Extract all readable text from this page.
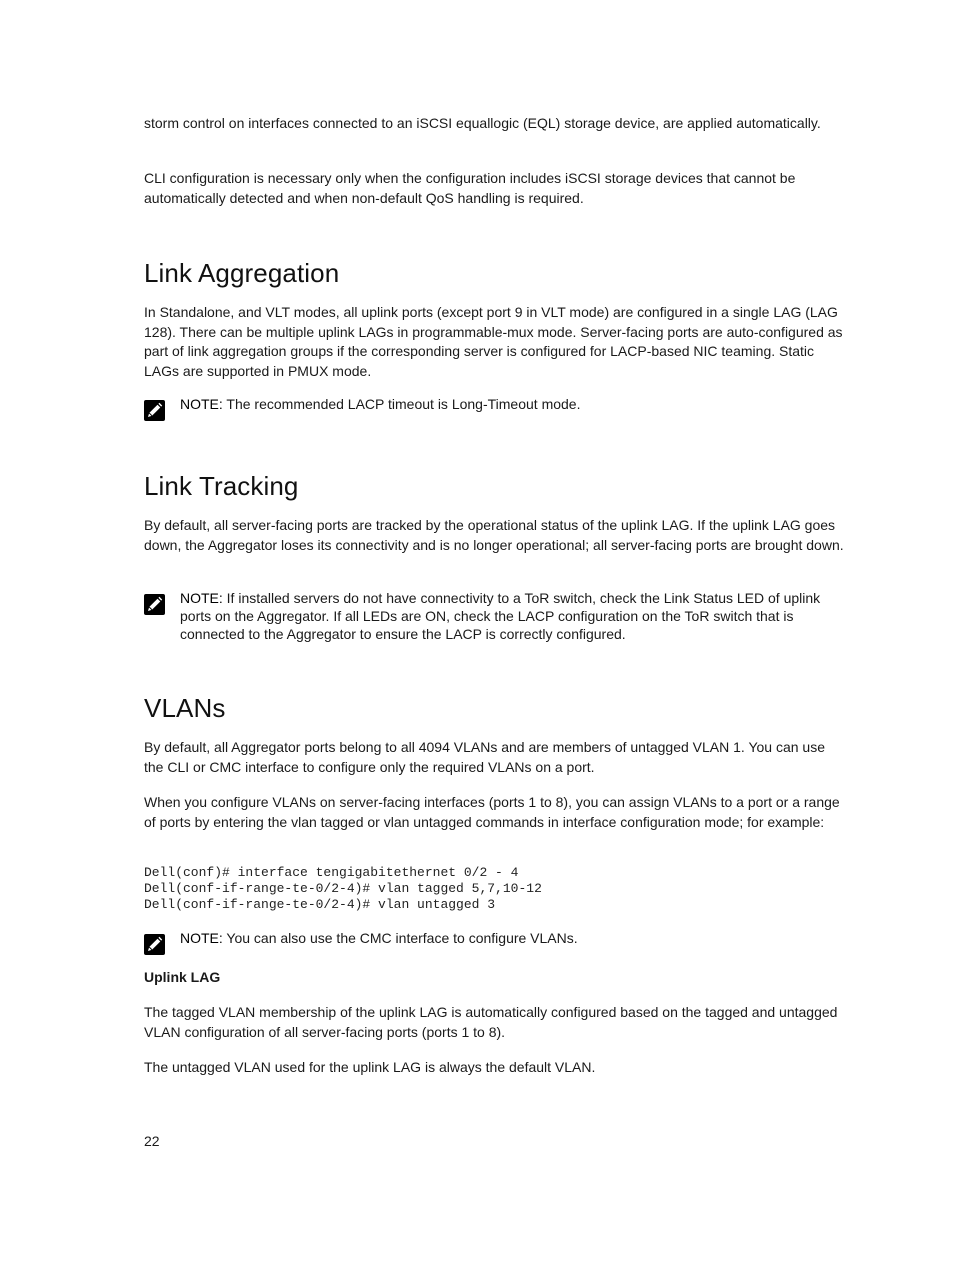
storm control on interfaces connected to an iSCSI equallogic (EQL) storage device, are applied automatically.

CLI configuration is necessary only when the configuration includes iSCSI storage devices that cannot be automatically detected and when non-default QoS handling is required.

Link Aggregation

In Standalone, and VLT modes, all uplink ports (except port 9 in VLT mode) are configured in a single LAG (LAG 128). There can be multiple uplink LAGs in programmable-mux mode. Server-facing ports are auto-configured as part of link aggregation groups if the corresponding server is configured for LACP-based NIC teaming. Static LAGs are supported in PMUX mode.

NOTE: The recommended LACP timeout is Long-Timeout mode.
Link Tracking

By default, all server-facing ports are tracked by the operational status of the uplink LAG. If the uplink LAG goes down, the Aggregator loses its connectivity and is no longer operational; all server-facing ports are brought down.

NOTE: If installed servers do not have connectivity to a ToR switch, check the Link Status LED of uplink ports on the Aggregator. If all LEDs are ON, check the LACP configuration on the ToR switch that is connected to the Aggregator to ensure the LACP is correctly configured.
VLANs

By default, all Aggregator ports belong to all 4094 VLANs and are members of untagged VLAN 1. You can use the CLI or CMC interface to configure only the required VLANs on a port.

When you configure VLANs on server-facing interfaces (ports 1 to 8), you can assign VLANs to a port or a range of ports by entering the vlan tagged or vlan untagged commands in interface configuration mode; for example:

Dell(conf)# interface tengigabitethernet 0/2 - 4
Dell(conf-if-range-te-0/2-4)# vlan tagged 5,7,10-12
Dell(conf-if-range-te-0/2-4)# vlan untagged 3
NOTE: You can also use the CMC interface to configure VLANs.
Uplink LAG

The tagged VLAN membership of the uplink LAG is automatically configured based on the tagged and untagged VLAN configuration of all server-facing ports (ports 1 to 8).

The untagged VLAN used for the uplink LAG is always the default VLAN.

22
